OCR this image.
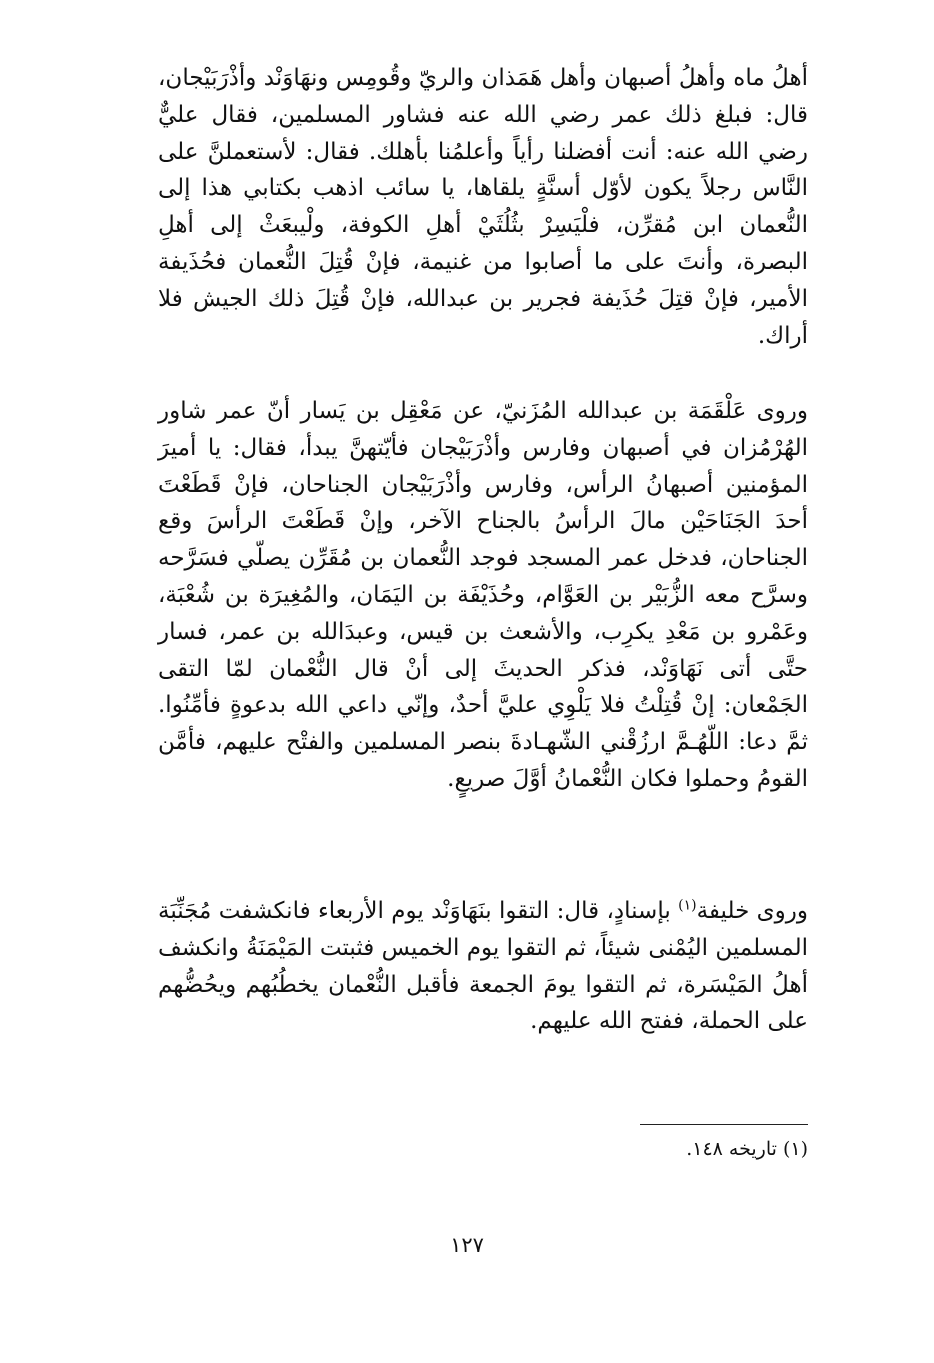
أهلُ ماه وأهلُ أصبهان وأهل هَمَذان والريّ وقُومِس ونهَاوَنْد وأذْرَبَيْجان، قال: فبلغ ذلك عمر رضي الله عنه فشاور المسلمين، فقال عليٌّ رضي الله عنه: أنت أفضلنا رأياً وأعلمُنا بأهلك. فقال: لأستعملنَّ على النَّاس رجلاً يكون لأوّل أسنَّةٍ يلقاها، يا سائب اذهب بكتابي هذا إلى النُّعمان ابن مُقرِّن، فلْيَسِرْ بثُلُثَيْ أهلِ الكوفة، ولْيبعَثْ إلى أهلِ البصرة، وأنتَ على ما أصابوا من غنيمة، فإنْ قُتِلَ النُّعمان فحُذَيفة الأمير، فإنْ قتِلَ حُذَيفة فجرير بن عبدالله، فإنْ قُتِلَ ذلك الجيش فلا أراك.

وروى عَلْقَمَة بن عبدالله المُزَنيّ، عن مَعْقِل بن يَسار أنّ عمر شاور الهُرْمُزان في أصبهان وفارس وأذْرَبَيْجان فأيّتهنَّ يبدأ، فقال: يا أميرَ المؤمنين أصبهانُ الرأس، وفارس وأذْرَبَيْجان الجناحان، فإنْ قَطَعْتَ أحدَ الجَنَاحَيْن مالَ الرأسُ بالجناح الآخر، وإنْ قَطَعْتَ الرأسَ وقع الجناحان، فدخل عمر المسجد فوجد النُّعمان بن مُقَرِّن يصلّي فسَرَّحه وسرَّح معه الزُّبَيْر بن العَوَّام، وحُذَيْفَة بن اليَمَان، والمُغِيرَة بن شُعْبَة، وعَمْرو بن مَعْدِ يكرِب، والأشعث بن قيس، وعبدَالله بن عمر، فسار حتَّى أتى نَهَاوَنْد، فذكر الحديثَ إلى أنْ قال النُّعْمان لمّا التقى الجَمْعان: إنْ قُتِلْتُ فلا يَلْوِي عليَّ أحدٌ، وإنّي داعي الله بدعوةٍ فأمِّنُوا. ثمَّ دعا: اللّهُـمَّ ارزُقْني الشّهـادةَ بنصر المسلمين والفتْح عليهم، فأمَّن القومُ وحملوا فكان النُّعْمانُ أوَّلَ صريعٍ.

وروى خليفة$^{(١)}$ بإسنادٍ، قال: التقوا بنَهَاوَنْد يوم الأربعاء فانكشفت مُجَنِّبَة المسلمين اليُمْنى شيئاً، ثم التقوا يوم الخميس فثبتت المَيْمَنَةُ وانكشف أهلُ المَيْسَرة، ثم التقوا يومَ الجمعة فأقبل النُّعْمان يخطُبُهم ويحُضُّهم على الحملة، ففتح الله عليهم.

(١) تاريخه ١٤٨.
١٢٧
